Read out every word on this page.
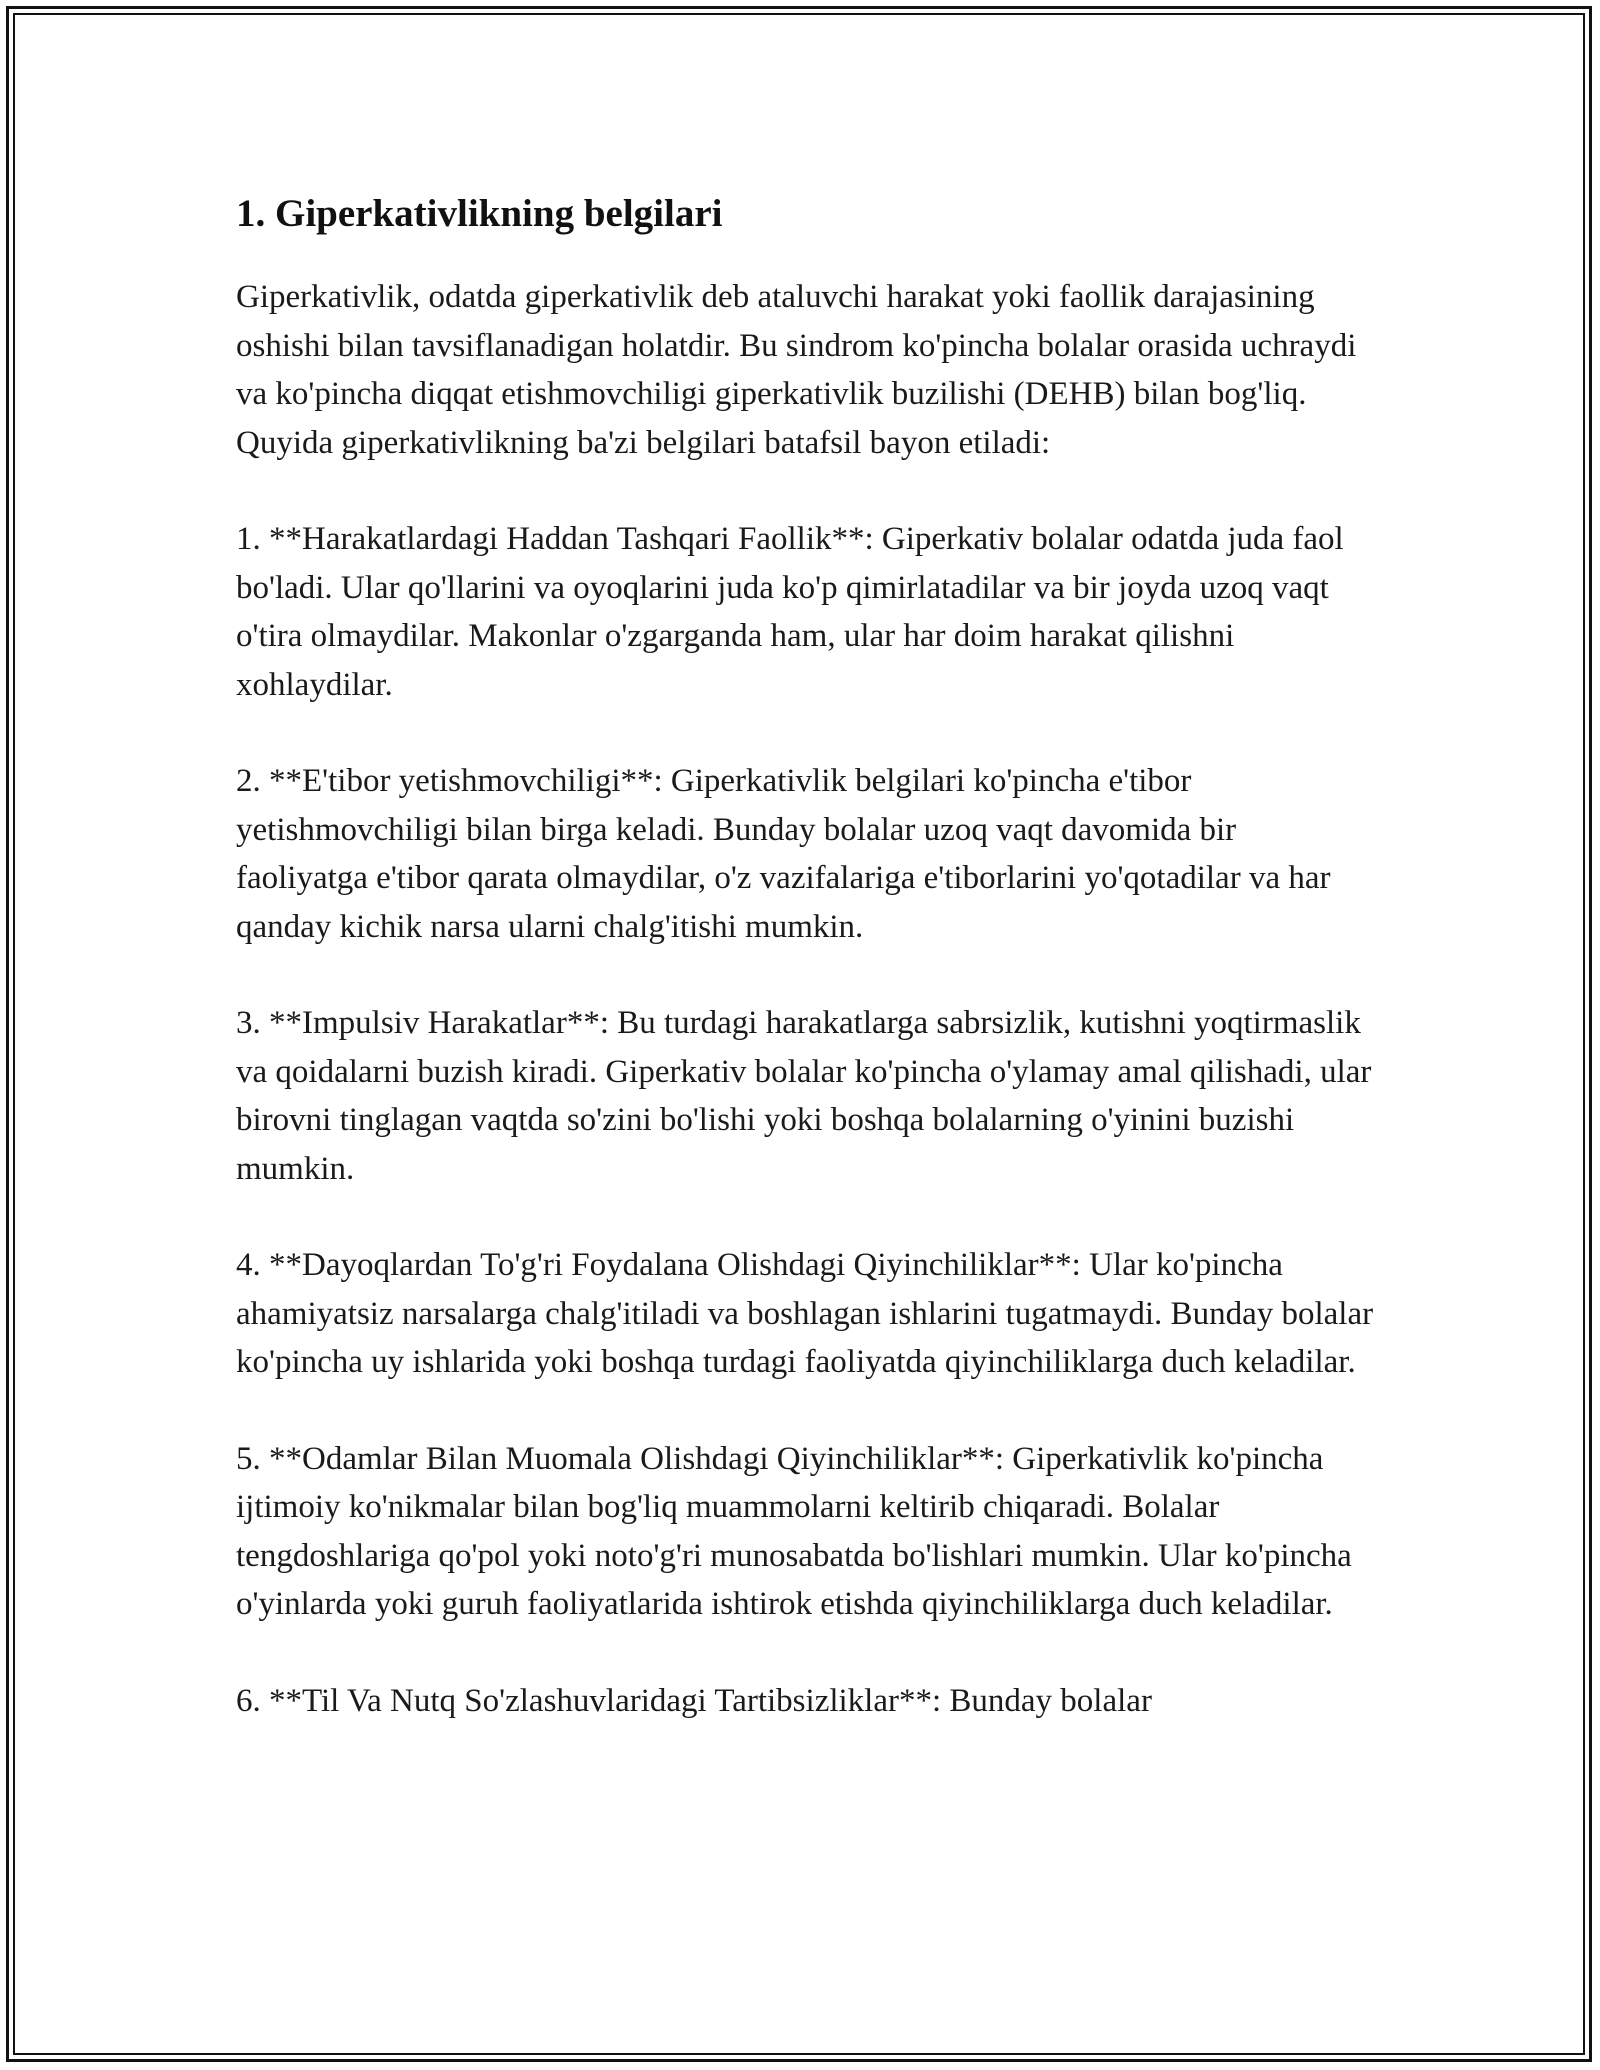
1. Giperkativlikning belgilari

Giperkativlik, odatda giperkativlik deb ataluvchi harakat yoki faollik darajasining oshishi bilan tavsiflanadigan holatdir. Bu sindrom ko'pincha bolalar orasida uchraydi va ko'pincha diqqat etishmovchiligi giperkativlik buzilishi (DEHB) bilan bog'liq. Quyida giperkativlikning ba'zi belgilari batafsil bayon etiladi:

1. **Harakatlardagi Haddan Tashqari Faollik**: Giperkativ bolalar odatda juda faol bo'ladi. Ular qo'llarini va oyoqlarini juda ko'p qimirlatadilar va bir joyda uzoq vaqt o'tira olmaydilar. Makonlar o'zgarganda ham, ular har doim harakat qilishni xohlaydilar.

2. **E'tibor yetishmovchiligi**: Giperkativlik belgilari ko'pincha e'tibor yetishmovchiligi bilan birga keladi. Bunday bolalar uzoq vaqt davomida bir faoliyatga e'tibor qarata olmaydilar, o'z vazifalariga e'tiborlarini yo'qotadilar va har qanday kichik narsa ularni chalg'itishi mumkin.

3. **Impulsiv Harakatlar**: Bu turdagi harakatlarga sabrsizlik, kutishni yoqtirmaslik va qoidalarni buzish kiradi. Giperkativ bolalar ko'pincha o'ylamay amal qilishadi, ular birovni tinglagan vaqtda so'zini bo'lishi yoki boshqa bolalarning o'yinini buzishi mumkin.

4. **Dayoqlardan To'g'ri Foydalana Olishdagi Qiyinchiliklar**: Ular ko'pincha ahamiyatsiz narsalarga chalg'itiladi va boshlagan ishlarini tugatmaydi. Bunday bolalar ko'pincha uy ishlarida yoki boshqa turdagi faoliyatda qiyinchiliklarga duch keladilar.

5. **Odamlar Bilan Muomala Olishdagi Qiyinchiliklar**: Giperkativlik ko'pincha ijtimoiy ko'nikmalar bilan bog'liq muammolarni keltirib chiqaradi. Bolalar tengdoshlariga qo'pol yoki noto'g'ri munosabatda bo'lishlari mumkin. Ular ko'pincha o'yinlarda yoki guruh faoliyatlarida ishtirok etishda qiyinchiliklarga duch keladilar.

6. **Til Va Nutq So'zlashuvlaridagi Tartibsizliklar**: Bunday bolalar
